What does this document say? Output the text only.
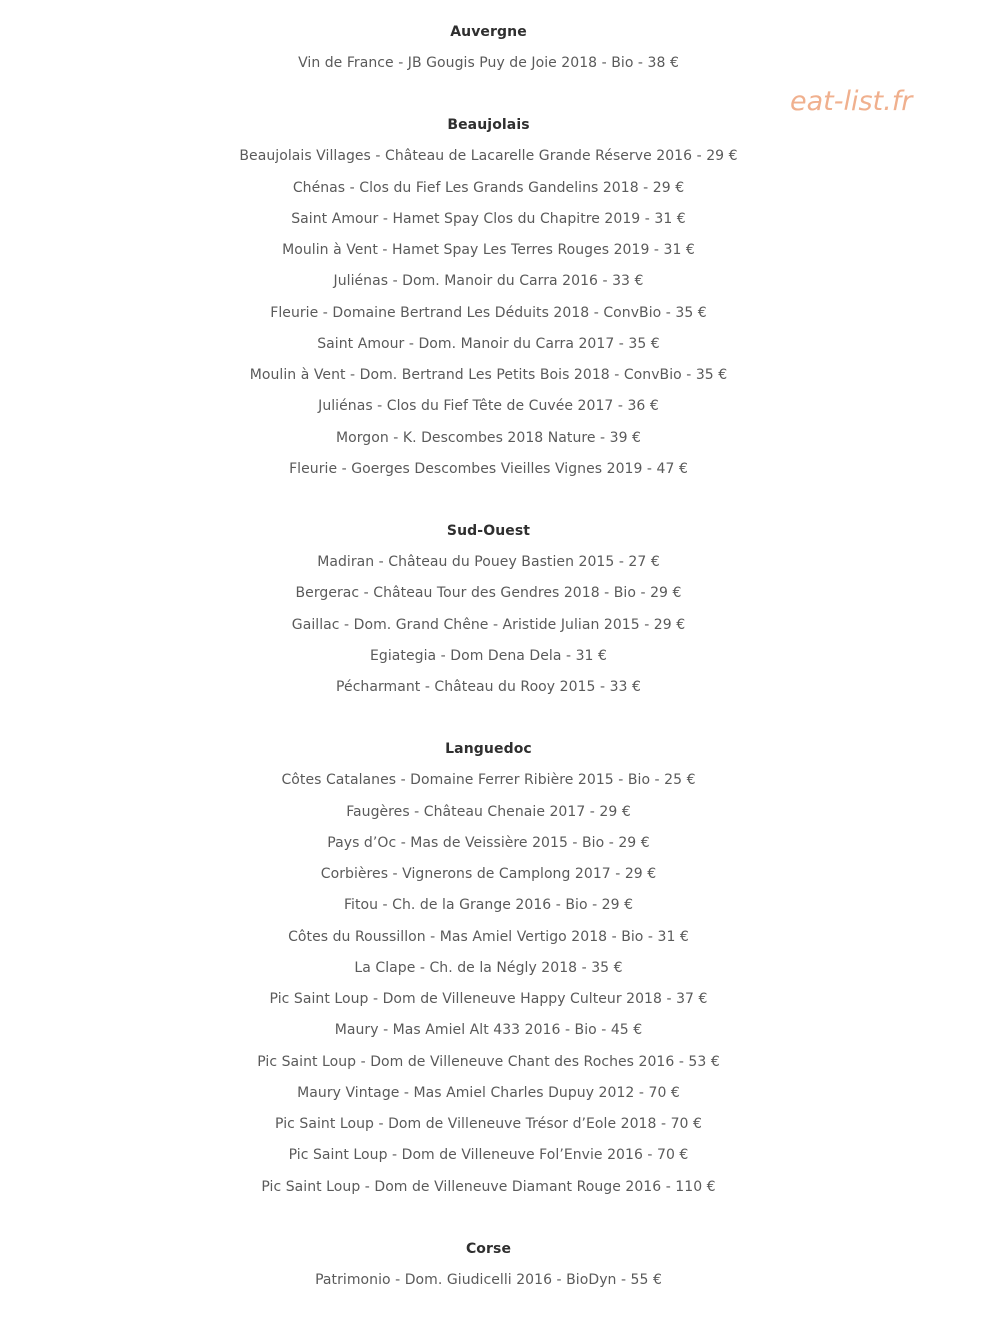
Auvergne
Vin de France - JB Gougis Puy de Joie 2018 - Bio - 38 €
Beaujolais
Beaujolais Villages - Château de Lacarelle Grande Réserve 2016 - 29 €
Chénas - Clos du Fief Les Grands Gandelins 2018 - 29 €
Saint Amour - Hamet Spay Clos du Chapitre 2019 - 31 €
Moulin à Vent - Hamet Spay Les Terres Rouges 2019 - 31 €
Juliénas - Dom. Manoir du Carra 2016 - 33 €
Fleurie - Domaine Bertrand Les Déduits 2018 - ConvBio - 35 €
Saint Amour - Dom. Manoir du Carra 2017 - 35 €
Moulin à Vent - Dom. Bertrand Les Petits Bois 2018 - ConvBio - 35 €
Juliénas - Clos du Fief Tête de Cuvée 2017 - 36 €
Morgon - K. Descombes 2018 Nature - 39 €
Fleurie - Goerges Descombes Vieilles Vignes 2019 - 47 €
Sud-Ouest
Madiran - Château du Pouey Bastien 2015 - 27 €
Bergerac - Château Tour des Gendres 2018 - Bio - 29 €
Gaillac - Dom. Grand Chêne - Aristide Julian 2015 - 29 €
Egiategia - Dom Dena Dela - 31 €
Pécharmant - Château du Rooy 2015 - 33 €
Languedoc
Côtes Catalanes - Domaine Ferrer Ribière 2015 - Bio - 25 €
Faugères - Château Chenaie 2017 - 29 €
Pays d’Oc - Mas de Veissière 2015 - Bio - 29 €
Corbières - Vignerons de Camplong 2017 - 29 €
Fitou - Ch. de la Grange 2016 - Bio - 29 €
Côtes du Roussillon - Mas Amiel Vertigo 2018 - Bio - 31 €
La Clape - Ch. de la Négly 2018 - 35 €
Pic Saint Loup - Dom de Villeneuve Happy Culteur 2018 - 37 €
Maury - Mas Amiel Alt 433 2016 - Bio - 45 €
Pic Saint Loup - Dom de Villeneuve Chant des Roches 2016 - 53 €
Maury Vintage - Mas Amiel Charles Dupuy 2012 - 70 €
Pic Saint Loup - Dom de Villeneuve Trésor d’Eole 2018 - 70 €
Pic Saint Loup - Dom de Villeneuve Fol’Envie 2016 - 70 €
Pic Saint Loup - Dom de Villeneuve Diamant Rouge 2016 - 110 €
Corse
Patrimonio - Dom. Giudicelli 2016 - BioDyn - 55 €
eat-list.fr
